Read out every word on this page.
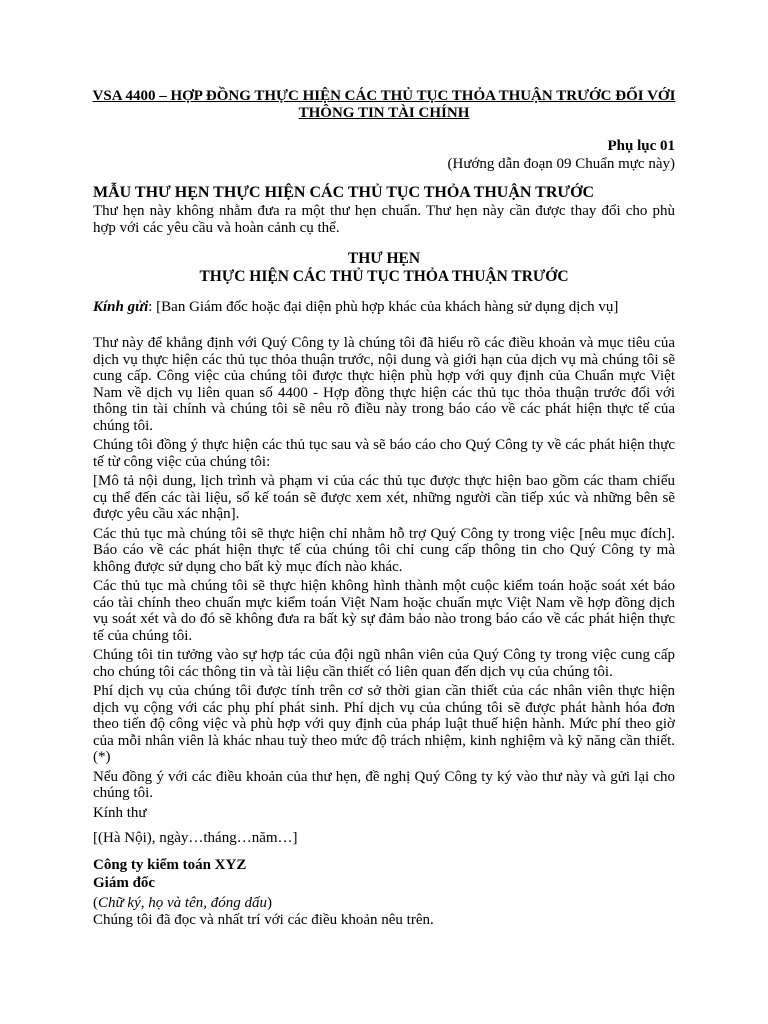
VSA 4400 – HỢP ĐỒNG THỰC HIỆN CÁC THỦ TỤC THỎA THUẬN TRƯỚC ĐỐI VỚI THÔNG TIN TÀI CHÍNH
Phụ lục 01
(Hướng dẫn đoạn 09 Chuẩn mực này)
MẪU THƯ HẸN THỰC HIỆN CÁC THỦ TỤC THỎA THUẬN TRƯỚC
Thư hẹn này không nhằm đưa ra một thư hẹn chuẩn. Thư hẹn này cần được thay đổi cho phù hợp với các yêu cầu và hoàn cảnh cụ thể.
THƯ HẸN
THỰC HIỆN CÁC THỦ TỤC THỎA THUẬN TRƯỚC
Kính gửi: [Ban Giám đốc hoặc đại diện phù hợp khác của khách hàng sử dụng dịch vụ]

Thư này để khẳng định với Quý Công ty là chúng tôi đã hiểu rõ các điều khoản và mục tiêu của dịch vụ thực hiện các thủ tục thỏa thuận trước, nội dung và giới hạn của dịch vụ mà chúng tôi sẽ cung cấp. Công việc của chúng tôi được thực hiện phù hợp với quy định của Chuẩn mực Việt Nam về dịch vụ liên quan số 4400 - Hợp đồng thực hiện các thủ tục thỏa thuận trước đối với thông tin tài chính và chúng tôi sẽ nêu rõ điều này trong báo cáo về các phát hiện thực tế của chúng tôi.

Chúng tôi đồng ý thực hiện các thủ tục sau và sẽ báo cáo cho Quý Công ty về các phát hiện thực tế từ công việc của chúng tôi:

[Mô tả nội dung, lịch trình và phạm vi của các thủ tục được thực hiện bao gồm các tham chiếu cụ thể đến các tài liệu, sổ kế toán sẽ được xem xét, những người cần tiếp xúc và những bên sẽ được yêu cầu xác nhận].

Các thủ tục mà chúng tôi sẽ thực hiện chỉ nhằm hỗ trợ Quý Công ty trong việc [nêu mục đích]. Báo cáo về các phát hiện thực tế của chúng tôi chỉ cung cấp thông tin cho Quý Công ty mà không được sử dụng cho bất kỳ mục đích nào khác.

Các thủ tục mà chúng tôi sẽ thực hiện không hình thành một cuộc kiểm toán hoặc soát xét báo cáo tài chính theo chuẩn mực kiểm toán Việt Nam hoặc chuẩn mực Việt Nam về hợp đồng dịch vụ soát xét và do đó sẽ không đưa ra bất kỳ sự đảm bảo nào trong báo cáo về các phát hiện thực tế của chúng tôi.

Chúng tôi tin tưởng vào sự hợp tác của đội ngũ nhân viên của Quý Công ty trong việc cung cấp cho chúng tôi các thông tin và tài liệu cần thiết có liên quan đến dịch vụ của chúng tôi.

Phí dịch vụ của chúng tôi được tính trên cơ sở thời gian cần thiết của các nhân viên thực hiện dịch vụ cộng với các phụ phí phát sinh. Phí dịch vụ của chúng tôi sẽ được phát hành hóa đơn theo tiến độ công việc và phù hợp với quy định của pháp luật thuế hiện hành. Mức phí theo giờ của mỗi nhân viên là khác nhau tuỳ theo mức độ trách nhiệm, kinh nghiệm và kỹ năng cần thiết. (*)

Nếu đồng ý với các điều khoản của thư hẹn, đề nghị Quý Công ty ký vào thư này và gửi lại cho chúng tôi.

Kính thư

[(Hà Nội), ngày…tháng…năm…]
Công ty kiểm toán XYZ
Giám đốc
(Chữ ký, họ và tên, đóng dấu)
Chúng tôi đã đọc và nhất trí với các điều khoản nêu trên.
